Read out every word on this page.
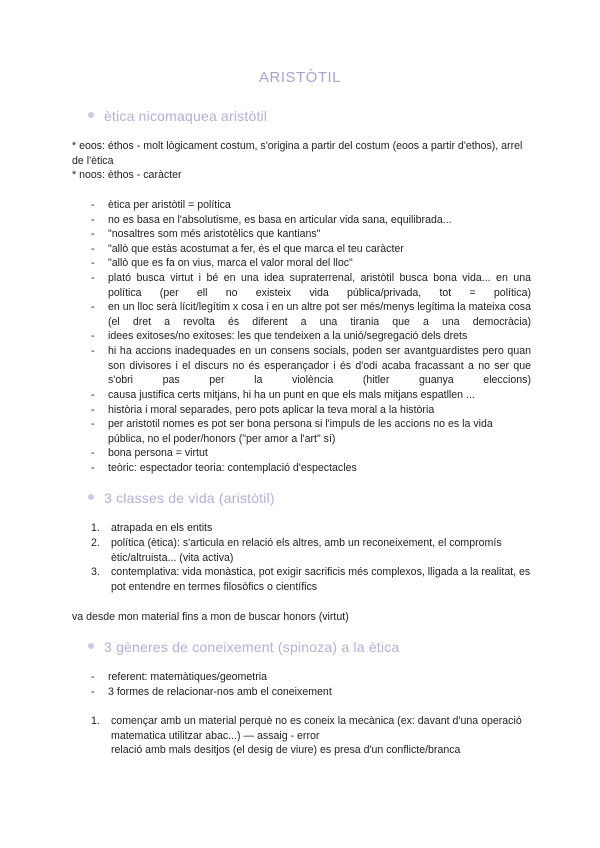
ARISTÒTIL
ètica nicomaquea aristòtil
* eoos: éthos - molt lògicament costum, s'origina a partir del costum (eoos a partir d'ethos), arrel de l'ètica
* noos: èthos - caràcter
-	ètica per aristòtil = política
-	no es basa en l'absolutisme, es basa en articular vida sana, equilibrada...
-	"nosaltres som més aristotèlics que kantians"
-	"allò que estàs acostumat a fer, és el que marca el teu caràcter
-	"allò que es fa on vius, marca el valor moral del lloc"
-	plató busca virtut i bé en una idea supraterrenal, aristòtil busca bona vida... en una política (per ell no existeix vida pública/privada, tot = política)
-	en un lloc serà lícit/legítim x cosa i en un altre pot ser més/menys legítima la mateixa cosa (el dret a revolta és diferent a una tirania que a una democràcia)
-	idees exitoses/no exitoses: les que tendeixen a la unió/segregació dels drets
-	hi ha accions inadequades en un consens socials, poden ser avantguardistes pero quan son divisores i el discurs no és esperançador i és d'odi acaba fracassant a no ser que s'obri pas per la violència (hitler guanya eleccions)
-	causa justifica certs mitjans, hi ha un punt en que els mals mitjans espatllen ...
-	història i moral separades, pero pots aplicar la teva moral a la història
-	per aristotil nomes es pot ser bona persona si l'impuls de les accions no es la vida pública, no el poder/honors ("per amor a l'art" sí)
-	bona persona = virtut
-	teòric: espectador teoria: contemplació d'espectacles
3 classes de vida (aristòtil)
1.	atrapada en els entits
2.	política (ètica): s'articula en relació els altres, amb un reconeixement, el compromís ètic/altruista... (vita activa)
3.	contemplativa: vida monàstica, pot exigir sacrificis més complexos, lligada a la realitat, es pot entendre en termes filosòfics o científics
va desde mon material fins a mon de buscar honors (virtut)
3 gèneres de coneixement (spinoza) a la ètica
-	referent: matemàtiques/geometria
-	3 formes de relacionar-nos amb el coneixement
1.	començar amb un material perquè no es coneix la mecànica (ex: davant d'una operació matematica utilitzar abac...) — assaig - error
relació amb mals desitjos (el desig de viure) es presa d'un conflicte/branca
